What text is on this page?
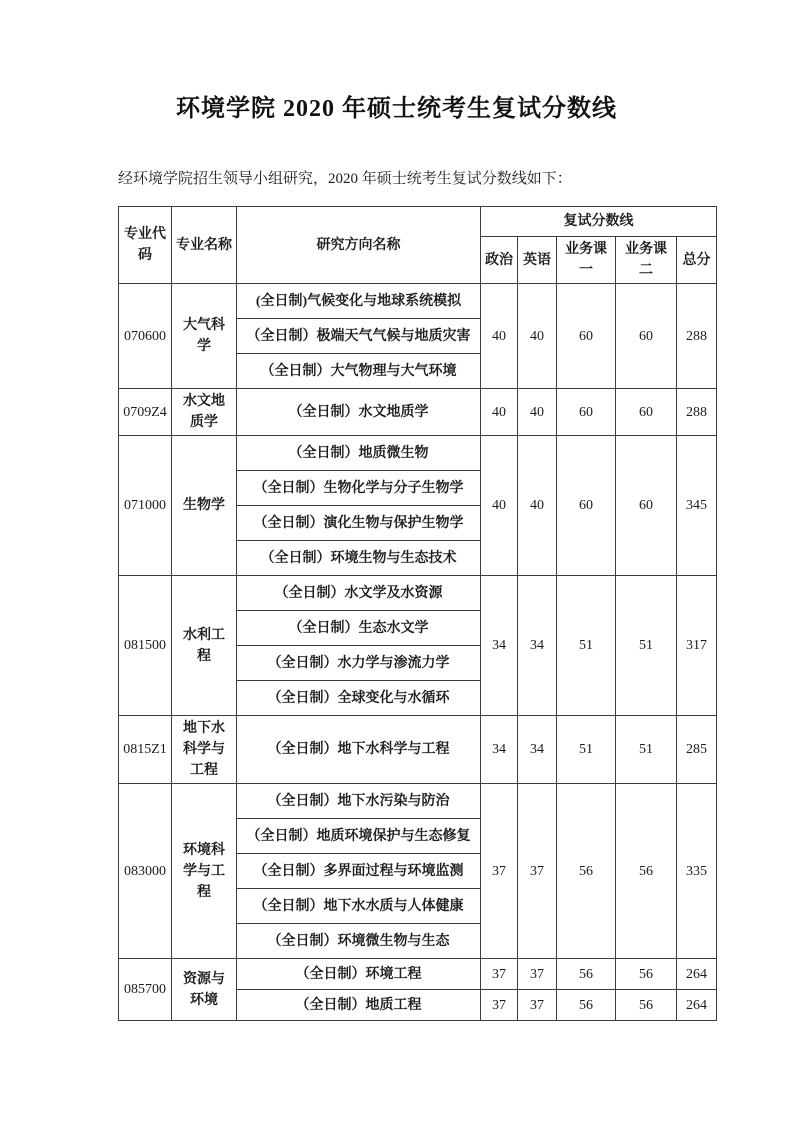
环境学院 2020 年硕士统考生复试分数线
经环境学院招生领导小组研究，2020 年硕士统考生复试分数线如下：
专业代码	专业名称	研究方向名称	复试分数线				
			政治	英语	业务课一	业务课二	总分
070600	大气科学	(全日制)气候变化与地球系统模拟	40	40	60	60	288
		（全日制）极端天气气候与地质灾害					
		（全日制）大气物理与大气环境					
0709Z4	水文地质学	（全日制）水文地质学	40	40	60	60	288
071000	生物学	（全日制）地质微生物	40	40	60	60	345
		（全日制）生物化学与分子生物学					
		（全日制）演化生物与保护生物学					
		（全日制）环境生物与生态技术					
081500	水利工程	（全日制）水文学及水资源	34	34	51	51	317
		（全日制）生态水文学					
		（全日制）水力学与渗流力学					
		（全日制）全球变化与水循环					
0815Z1	地下水科学与工程	（全日制）地下水科学与工程	34	34	51	51	285
083000	环境科学与工程	（全日制）地下水污染与防治	37	37	56	56	335
		（全日制）地质环境保护与生态修复					
		（全日制）多界面过程与环境监测					
		（全日制）地下水水质与人体健康					
		（全日制）环境微生物与生态					
085700	资源与环境	（全日制）环境工程	37	37	56	56	264
		（全日制）地质工程	37	37	56	56	264
